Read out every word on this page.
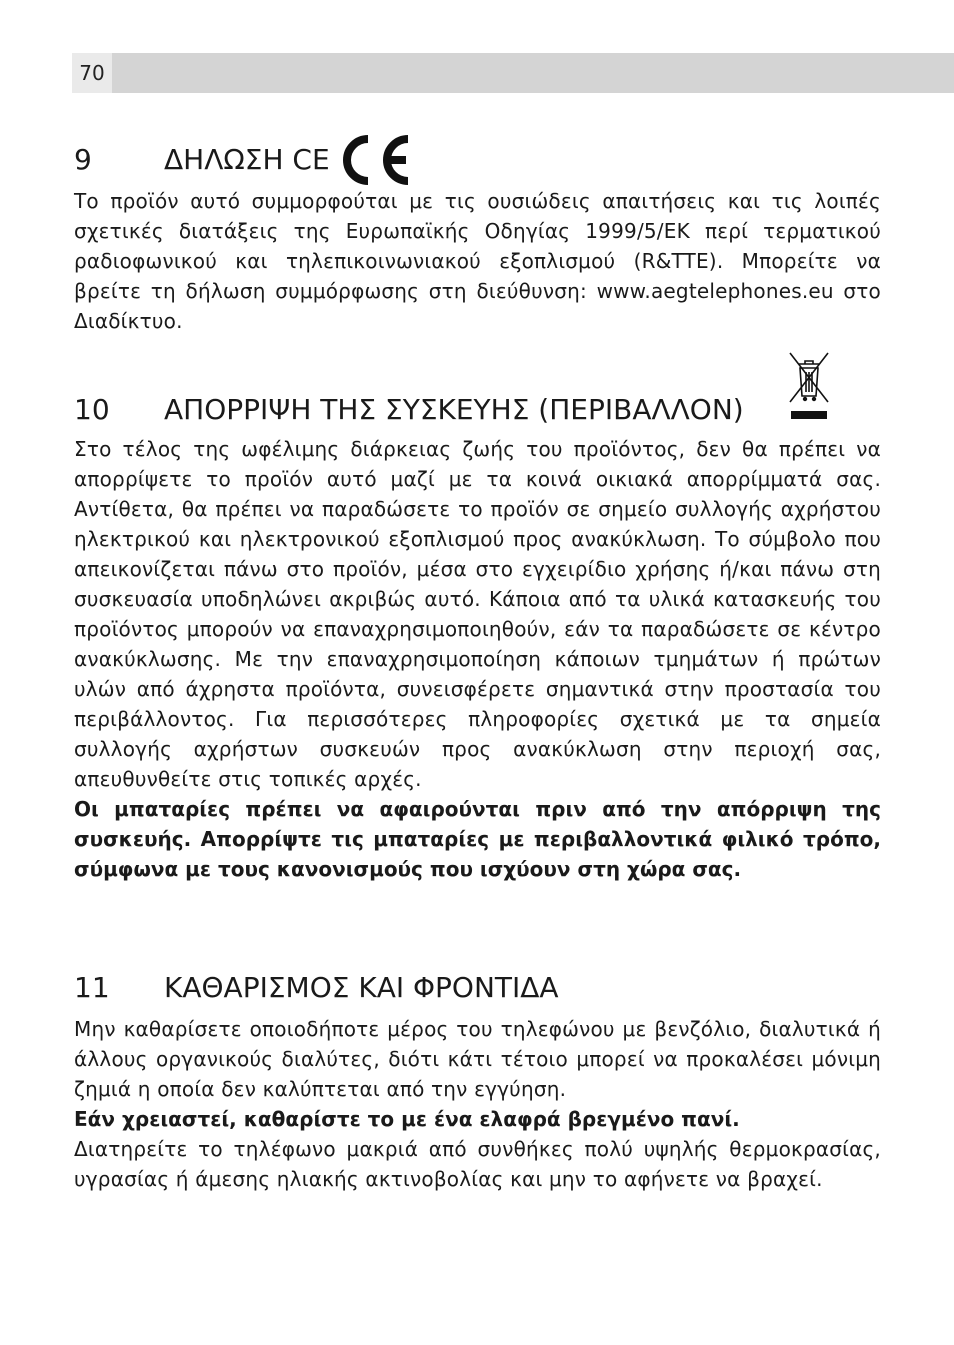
70
9	ΔΗΛΩΣΗ CE

Το προϊόν αυτό συμμορφούται με τις ουσιώδεις απαιτήσεις και τις λοιπές σχετικές διατάξεις της Ευρωπαϊκής Οδηγίας 1999/5/ΕΚ περί τερματικού ραδιοφωνικού και τηλεπικοινωνιακού εξοπλισμού (R&TTE). Μπορείτε να βρείτε τη δήλωση συμμόρφωσης στη διεύθυνση: www.aegtelephones.eu στο Διαδίκτυο.

10	ΑΠΟΡΡΙΨΗ ΤΗΣ ΣΥΣΚΕΥΗΣ (ΠΕΡΙΒΑΛΛΟΝ)

Στο τέλος της ωφέλιμης διάρκειας ζωής του προϊόντος, δεν θα πρέπει να απορρίψετε το προϊόν αυτό μαζί με τα κοινά οικιακά απορρίμματά σας. Αντίθετα, θα πρέπει να παραδώσετε το προϊόν σε σημείο συλλογής αχρήστου ηλεκτρικού και ηλεκτρονικού εξοπλισμού προς ανακύκλωση. Το σύμβολο που απεικονίζεται πάνω στο προϊόν, μέσα στο εγχειρίδιο χρήσης ή/και πάνω στη συσκευασία υποδηλώνει ακριβώς αυτό. Κάποια από τα υλικά κατασκευής του προϊόντος μπορούν να επαναχρησιμοποιηθούν, εάν τα παραδώσετε σε κέντρο ανακύκλωσης. Με την επαναχρησιμοποίηση κάποιων τμημάτων ή πρώτων υλών από άχρηστα προϊόντα, συνεισφέρετε σημαντικά στην προστασία του περιβάλλοντος. Για περισσότερες πληροφορίες σχετικά με τα σημεία συλλογής αχρήστων συσκευών προς ανακύκλωση στην περιοχή σας, απευθυνθείτε στις τοπικές αρχές.

Οι μπαταρίες πρέπει να αφαιρούνται πριν από την απόρριψη της συσκευής. Απορρίψτε τις μπαταρίες με περιβαλλοντικά φιλικό τρόπο, σύμφωνα με τους κανονισμούς που ισχύουν στη χώρα σας.

11	ΚΑΘΑΡΙΣΜΟΣ ΚΑΙ ΦΡΟΝΤΙΔΑ

Μην καθαρίσετε οποιοδήποτε μέρος του τηλεφώνου με βενζόλιο, διαλυτικά ή άλλους οργανικούς διαλύτες, διότι κάτι τέτοιο μπορεί να προκαλέσει μόνιμη ζημιά η οποία δεν καλύπτεται από την εγγύηση.

Εάν χρειαστεί, καθαρίστε το με ένα ελαφρά βρεγμένο πανί.

Διατηρείτε το τηλέφωνο μακριά από συνθήκες πολύ υψηλής θερμοκρασίας, υγρασίας ή άμεσης ηλιακής ακτινοβολίας και μην το αφήνετε να βραχεί.
